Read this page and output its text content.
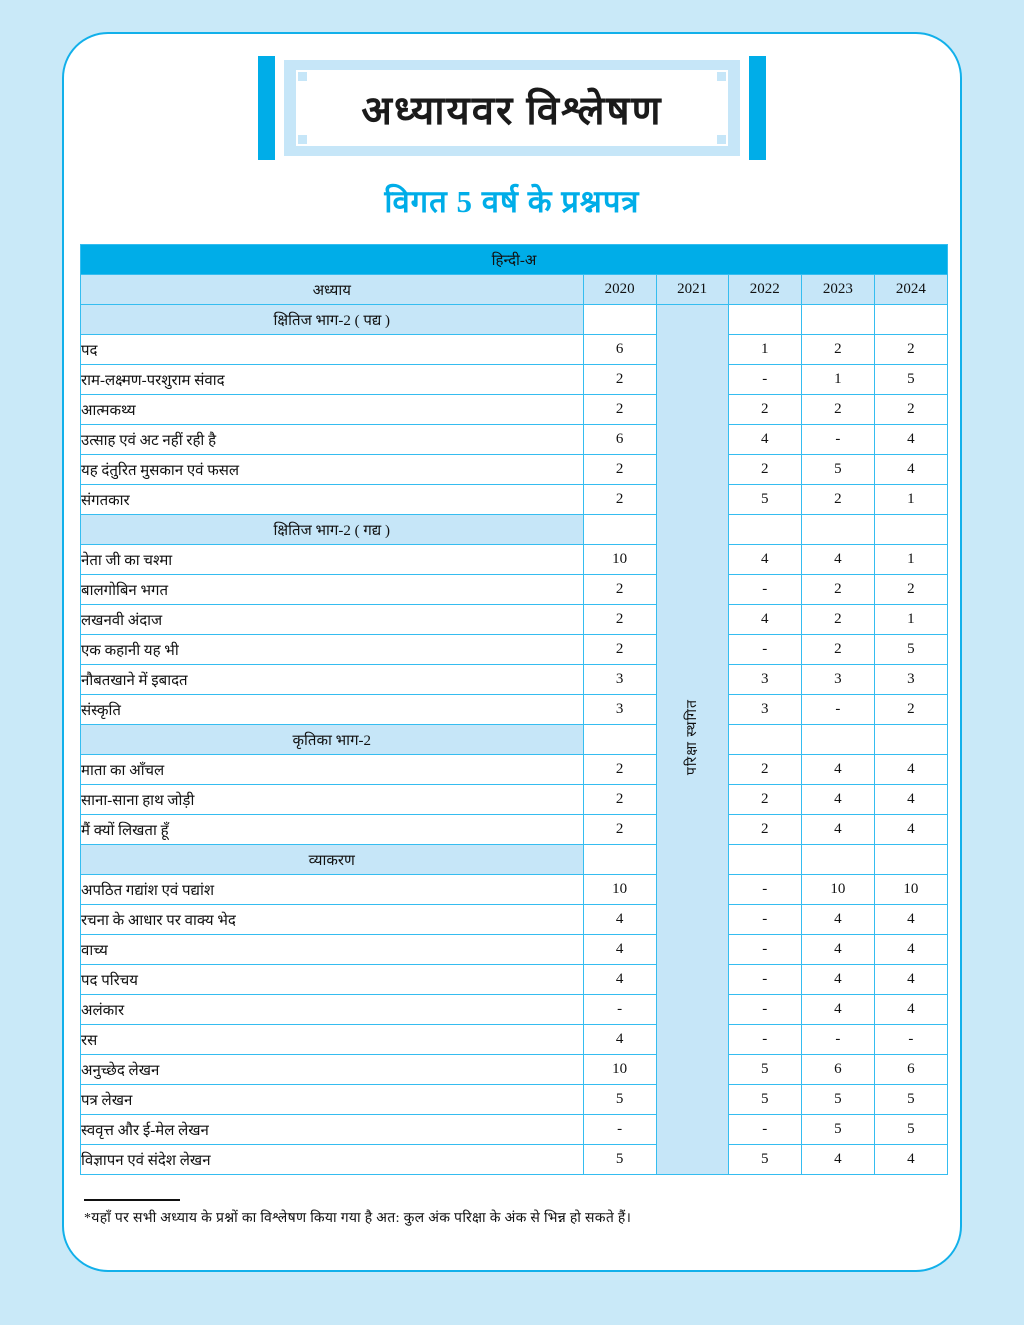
अध्यायवर विश्लेषण
विगत 5 वर्ष के प्रश्नपत्र
हिन्दी-अ					
अध्याय	2020	2021	2022	2023	2024
क्षितिज भाग-2 ( पद्य )		परिक्षा स्थगित			
पद	6		1	2	2
राम-लक्ष्मण-परशुराम संवाद	2		-	1	5
आत्मकथ्य	2		2	2	2
उत्साह एवं अट नहीं रही है	6		4	-	4
यह दंतुरित मुसकान एवं फसल	2		2	5	4
संगतकार	2		5	2	1
क्षितिज भाग-2 ( गद्य )					
नेता जी का चश्मा	10		4	4	1
बालगोबिन भगत	2		-	2	2
लखनवी अंदाज	2		4	2	1
एक कहानी यह भी	2		-	2	5
नौबतखाने में इबादत	3		3	3	3
संस्कृति	3		3	-	2
कृतिका भाग-2					
माता का आँचल	2		2	4	4
साना-साना हाथ जोड़ी	2		2	4	4
मैं क्यों लिखता हूँ	2		2	4	4
व्याकरण					
अपठित गद्यांश एवं पद्यांश	10		-	10	10
रचना के आधार पर वाक्य भेद	4		-	4	4
वाच्य	4		-	4	4
पद परिचय	4		-	4	4
अलंकार	-		-	4	4
रस	4		-	-	-
अनुच्छेद लेखन	10		5	6	6
पत्र लेखन	5		5	5	5
स्ववृत्त और ई-मेल लेखन	-		-	5	5
विज्ञापन एवं संदेश लेखन	5		5	4	4
*यहाँ पर सभी अध्याय के प्रश्नों का विश्लेषण किया गया है अत: कुल अंक परिक्षा के अंक से भिन्न हो सकते हैं।
